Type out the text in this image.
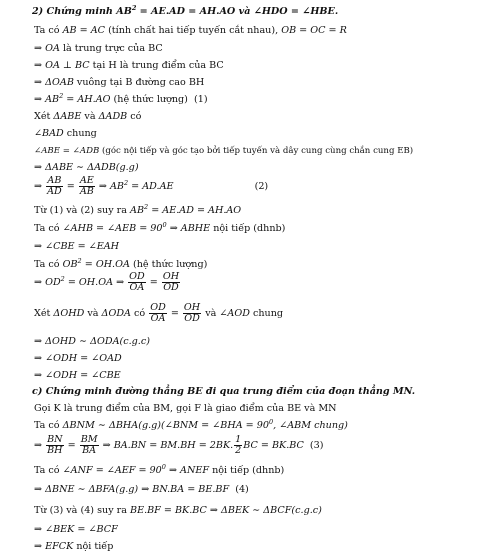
2) Chứng minh $AB^2 = AE.AD = AH.AO$ và ∠HDO = ∠HBE.
Ta có AB = AC (tính chất hai tiếp tuyến cắt nhau), OB = OC = R
⇒ OA là trung trực của BC
⇒ OA ⊥ BC tại H là trung điểm của BC
⇒ ΔOAB vuông tại B đường cao BH
⇒ $AB^2 = AH.AO$ (hệ thức lượng)  (1)
Xét ΔABE và ΔADB có
∠BAD chung
∠ABE = ∠ADB (góc nội tiếp và góc tạo bởi tiếp tuyến và dây cung cùng chắn cung EB)
⇒ ΔABE ∼ ΔADB(g.g)
⇒ $\frac{AB}{AD} = \frac{AE}{AB}$ ⇒ $AB^2 = AD.AE$	(2)
Từ (1) và (2) suy ra $AB^2 = AE.AD = AH.AO$
Ta có ∠AHB = ∠AEB = $90^0$ ⇒ ABHE nội tiếp (dhnb)
⇒ ∠CBE = ∠EAH
Ta có $OB^2 = OH.OA$ (hệ thức lượng)
⇒ $OD^2 = OH.OA$ ⇒ $\frac{OD}{OA} = \frac{OH}{OD}$
Xét ΔOHD và ΔODA có $\frac{OD}{OA} = \frac{OH}{OD}$ và ∠AOD chung
⇒ ΔOHD ∼ ΔODA(c.g.c)
⇒ ∠ODH = ∠OAD
⇒ ∠ODH = ∠CBE
c) Chứng minh đường thẳng BE đi qua trung điểm của đoạn thẳng MN.
Gọi K là trung điểm của BM, gọi F là giao điểm của BE và MN
Ta có ΔBNM ∼ ΔBHA(g.g)(∠BNM = ∠BHA = $90^0$, ∠ABM chung)
⇒ $\frac{BN}{BH} = \frac{BM}{BA}$ ⇒ BA.BN = BM.BH = 2BK. $\frac{1}{2}$ BC = BK.BC  (3)
Ta có ∠ANF = ∠AEF = $90^0$ ⇒ ANEF nội tiếp (dhnb)
⇒ ΔBNE ∼ ΔBFA(g.g) ⇒ BN.BA = BE.BF  (4)
Từ (3) và (4) suy ra BE.BF = BK.BC ⇒ ΔBEK ∼ ΔBCF(c.g.c)
⇒ ∠BEK = ∠BCF
⇒ EFCK nội tiếp
